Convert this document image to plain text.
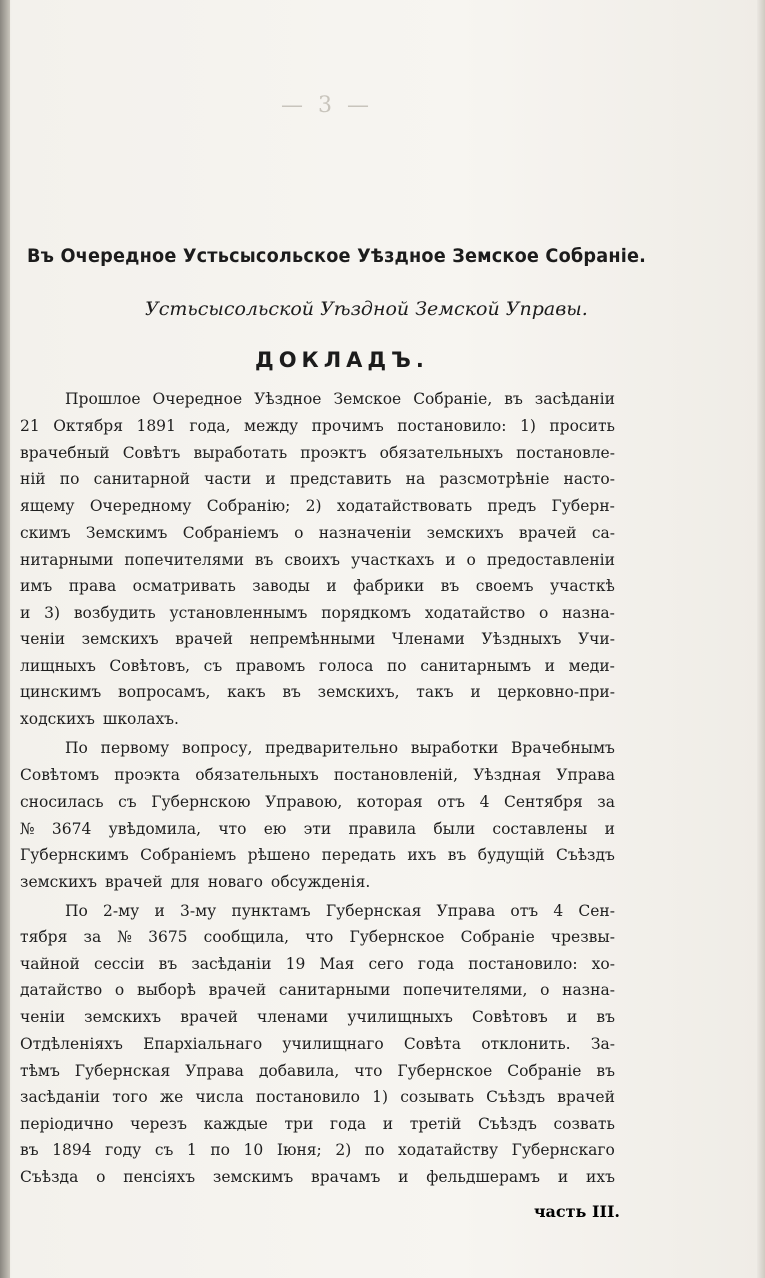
— 3 —
Въ Очередное Устьсысольское Уѣздное Земское Собраніе.
Устьсысольской Уѣздной Земской Управы.
ДОКЛАДЪ.
Прошлое Очередное Уѣздное Земское Собраніе, въ засѣданіи
21 Октября 1891 года, между прочимъ постановило: 1) просить
врачебный Совѣтъ выработать проэктъ обязательныхъ постановле-
ній по санитарной части и представить на разсмотрѣніе насто-
ящему Очередному Собранію; 2) ходатайствовать предъ Губерн-
скимъ Земскимъ Собраніемъ о назначеніи земскихъ врачей са-
нитарными попечителями въ своихъ участкахъ и о предоставленіи
имъ права осматривать заводы и фабрики въ своемъ участкѣ
и 3) возбудить установленнымъ порядкомъ ходатайство о назна-
ченіи земскихъ врачей непремѣнными Членами Уѣздныхъ Учи-
лищныхъ Совѣтовъ, съ правомъ голоса по санитарнымъ и меди-
цинскимъ вопросамъ, какъ въ земскихъ, такъ и церковно-при-
ходскихъ школахъ.
По первому вопросу, предварительно выработки Врачебнымъ
Совѣтомъ проэкта обязательныхъ постановленій, Уѣздная Управа
сносилась съ Губернскою Управою, которая отъ 4 Сентября за
№ 3674 увѣдомила, что ею эти правила были составлены и
Губернскимъ Собраніемъ рѣшено передать ихъ въ будущій Съѣздъ
земскихъ врачей для новаго обсужденія.
По 2-му и 3-му пунктамъ Губернская Управа отъ 4 Сен-
тября за № 3675 сообщила, что Губернское Собраніе чрезвы-
чайной сессіи въ засѣданіи 19 Мая сего года постановило: хо-
датайство о выборѣ врачей санитарными попечителями, о назна-
ченіи земскихъ врачей членами училищныхъ Совѣтовъ и въ
Отдѣленіяхъ Епархіальнаго училищнаго Совѣта отклонить. За-
тѣмъ Губернская Управа добавила, что Губернское Собраніе въ
засѣданіи того же числа постановило 1) созывать Съѣздъ врачей
періодично черезъ каждые три года и третій Съѣздъ созвать
въ 1894 году съ 1 по 10 Іюня; 2) по ходатайству Губернскаго
Съѣзда о пенсіяхъ земскимъ врачамъ и фельдшерамъ и ихъ
часть III.
